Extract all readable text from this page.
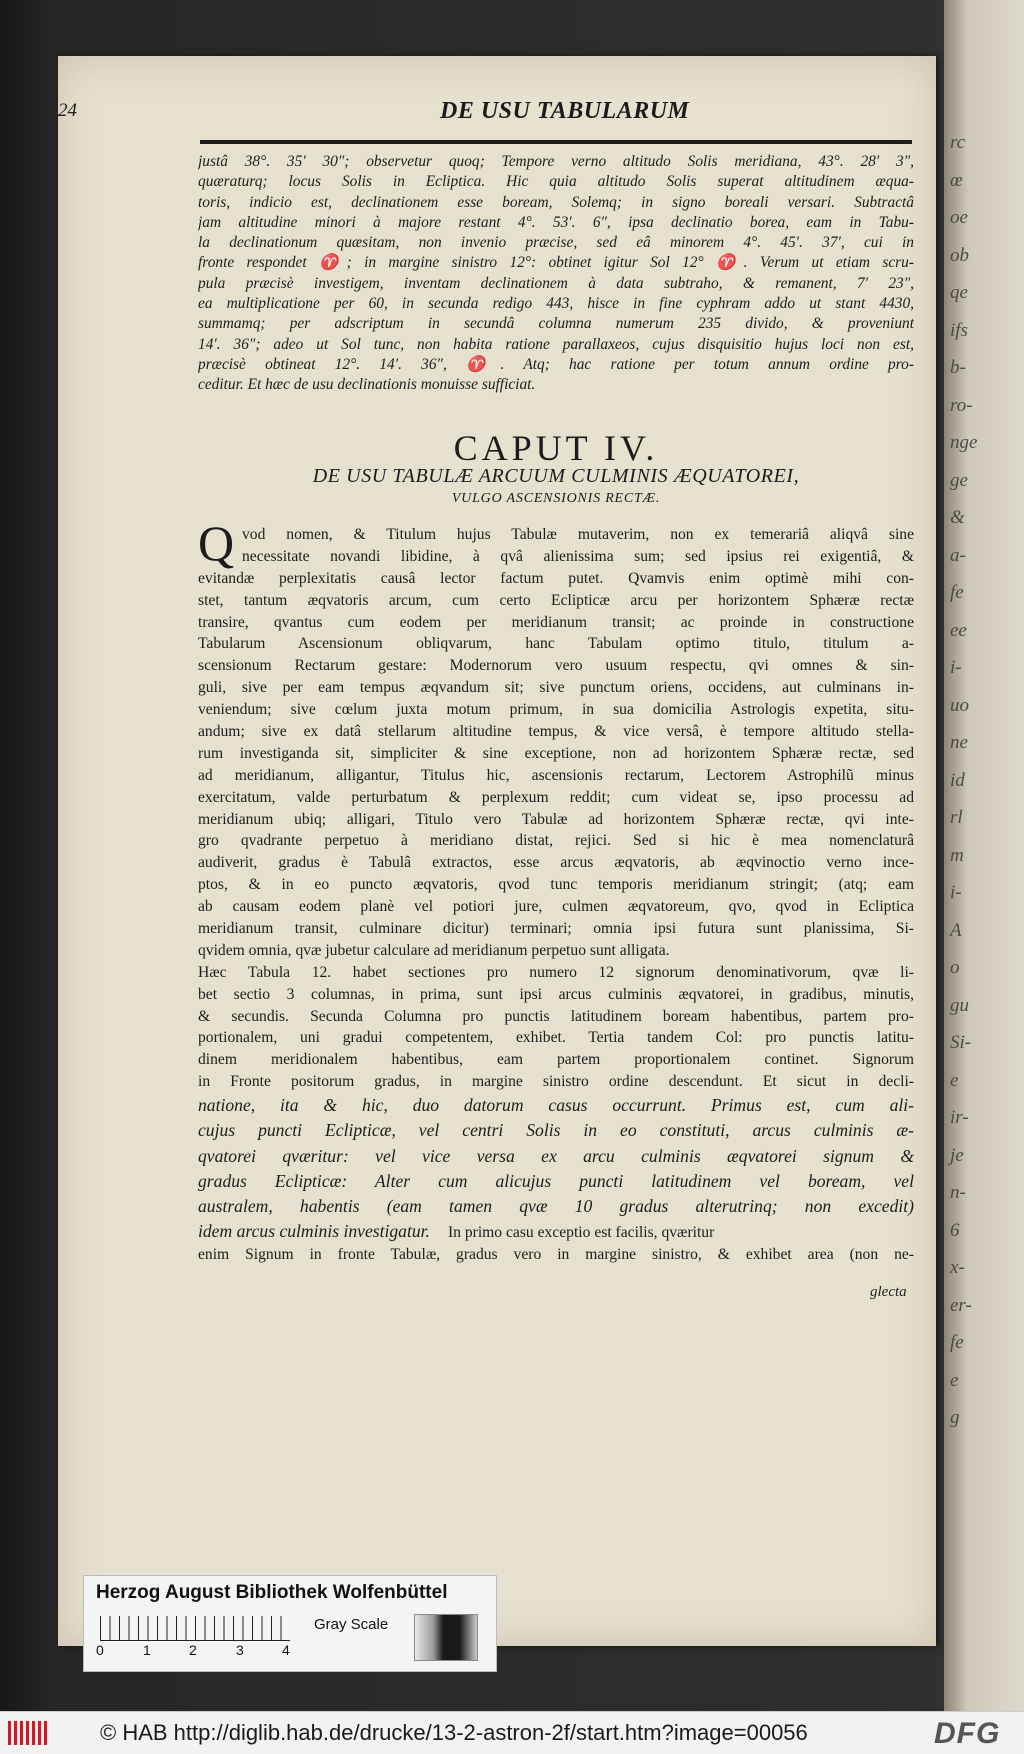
rc
œ
oe
ob
qe
ifs
b-
ro-
nge
ge
&
a-
fe
ee
i-
uo
ne
id
rl
m
i-
A
o
gu
Si-
e
ir-
je
n-
6
x-
er-
fe
e
g
24	DE USU TABULARUM
justâ 38°. 35′ 30″; observetur quoq; Tempore verno altitudo Solis meridiana, 43°. 28′ 3″,
quæraturq; locus Solis in Ecliptica. Hic quia altitudo Solis superat altitudinem æqua-
toris, indicio est, declinationem esse boream, Solemq; in signo boreali versari. Subtractâ
jam altitudine minori à majore restant 4°. 53′. 6″, ipsa declinatio borea, eam in Tabu-
la declinationum quæsitam, non invenio præcise, sed eâ minorem 4°. 45′. 37′, cui in
fronte respondet ♈; in margine sinistro 12°: obtinet igitur Sol 12° ♈. Verum ut etiam scru-
pula præcisè investigem, inventam declinationem à data subtraho, & remanent, 7′ 23″,
ea multiplicatione per 60, in secunda redigo 443, hisce in fine cyphram addo ut stant 4430,
summamq; per adscriptum in secundâ columna numerum 235 divido, & proveniunt
14′. 36″; adeo ut Sol tunc, non habita ratione parallaxeos, cujus disquisitio hujus loci non est,
præcisè obtineat 12°. 14′. 36″, ♈. Atq; hac ratione per totum annum ordine pro-
ceditur. Et hæc de usu declinationis monuisse sufficiat.
CAPUT IV.
DE USU TABULÆ ARCUUM CULMINIS ÆQUATOREI,
VULGO ASCENSIONIS RECTÆ.
Q vod nomen, & Titulum hujus Tabulæ mutaverim, non ex temerariâ aliqvâ sine
necessitate novandi libidine, à qvâ alienissima sum; sed ipsius rei exigentiâ, &
evitandæ perplexitatis causâ lector factum putet. Qvamvis enim optimè mihi con-
stet, tantum æqvatoris arcum, cum certo Eclipticæ arcu per horizontem Sphæræ rectæ
transire, qvantus cum eodem per meridianum transit; ac proinde in constructione
Tabularum Ascensionum obliqvarum, hanc Tabulam optimo titulo, titulum a-
scensionum Rectarum gestare: Modernorum vero usuum respectu, qvi omnes & sin-
guli, sive per eam tempus æqvandum sit; sive punctum oriens, occidens, aut culminans in-
veniendum; sive cœlum juxta motum primum, in sua domicilia Astrologis expetita, situ-
andum; sive ex datâ stellarum altitudine tempus, & vice versâ, è tempore altitudo stella-
rum investiganda sit, simpliciter & sine exceptione, non ad horizontem Sphæræ rectæ, sed
ad meridianum, alligantur, Titulus hic, ascensionis rectarum, Lectorem Astrophilũ minus
exercitatum, valde perturbatum & perplexum reddit; cum videat se, ipso processu ad
meridianum ubiq; alligari, Titulo vero Tabulæ ad horizontem Sphæræ rectæ, qvi inte-
gro qvadrante perpetuo à meridiano distat, rejici. Sed si hic è mea nomenclaturâ
audiverit, gradus è Tabulâ extractos, esse arcus æqvatoris, ab æqvinoctio verno ince-
ptos, & in eo puncto æqvatoris, qvod tunc temporis meridianum stringit; (atq; eam
ab causam eodem planè vel potiori jure, culmen æqvatoreum, qvo, qvod in Ecliptica
meridianum transit, culminare dicitur) terminari; omnia ipsi futura sunt planissima, Si-
qvidem omnia, qvæ jubetur calculare ad meridianum perpetuo sunt alligata.
Hæc Tabula 12. habet sectiones pro numero 12 signorum denominativorum, qvæ li-
bet sectio 3 columnas, in prima, sunt ipsi arcus culminis æqvatorei, in gradibus, minutis,
& secundis. Secunda Columna pro punctis latitudinem boream habentibus, partem pro-
portionalem, uni gradui competentem, exhibet. Tertia tandem Col: pro punctis latitu-
dinem meridionalem habentibus, eam partem proportionalem continet. Signorum
in Fronte positorum gradus, in margine sinistro ordine descendunt. Et sicut in decli-
natione, ita & hic, duo datorum casus occurrunt. Primus est, cum ali-
cujus puncti Eclipticæ, vel centri Solis in eo constituti, arcus culminis æ-
qvatorei qværitur: vel vice versa ex arcu culminis æqvatorei signum &
gradus Eclipticæ: Alter cum alicujus puncti latitudinem vel boream, vel
australem, habentis (eam tamen qvæ 10 gradus alterutrinq; non excedit)
idem arcus culminis investigatur. In primo casu exceptio est facilis, qværitur
enim Signum in fronte Tabulæ, gradus vero in margine sinistro, & exhibet area (non ne-
glecta
Herzog August Bibliothek Wolfenbüttel
0	1	2	3	4
Gray Scale
© HAB http://diglib.hab.de/drucke/13-2-astron-2f/start.htm?image=00056	DFG
